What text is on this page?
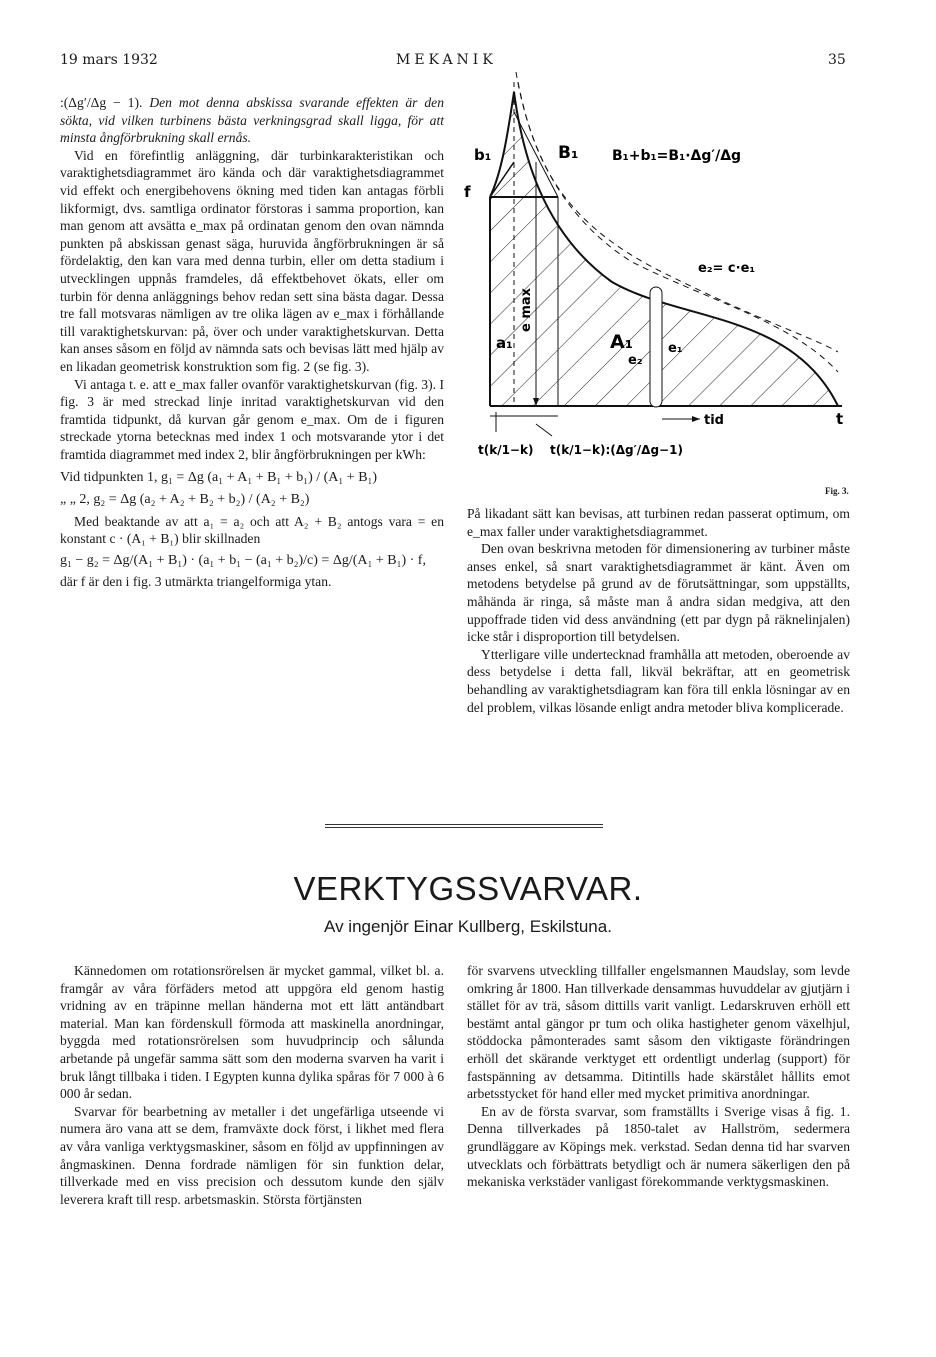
19 mars 1932	MEKANIK	35

:(Δg′/Δg − 1). Den mot denna abskissa svarande effekten är den sökta, vid vilken turbinens bästa verkningsgrad skall ligga, för att minsta ångförbrukning skall ernås.

Vid en förefintlig anläggning, där turbinkarakteristikan och varaktighetsdiagrammet äro kända och där varaktighetsdiagrammet vid effekt och energibehovens ökning med tiden kan antagas förbli likformigt, dvs. samtliga ordinator förstoras i samma proportion, kan man genom att avsätta e_max på ordinatan genom den ovan nämnda punkten på abskissan genast säga, huruvida ångförbrukningen är så fördelaktig, den kan vara med denna turbin, eller om detta stadium i utvecklingen uppnås framdeles, då effektbehovet ökats, eller om turbin för denna anläggnings behov redan sett sina bästa dagar. Dessa tre fall motsvaras nämligen av tre olika lägen av e_max i förhållande till varaktighetskurvan: på, över och under varaktighetskurvan. Detta kan anses såsom en följd av nämnda sats och bevisas lätt med hjälp av en likadan geometrisk konstruktion som fig. 2 (se fig. 3).

Vi antaga t. e. att e_max faller ovanför varaktighetskurvan (fig. 3). I fig. 3 är med streckad linje inritad varaktighetskurvan vid den framtida tidpunkt, då kurvan går genom e_max. Om de i figuren streckade ytorna betecknas med index 1 och motsvarande ytor i det framtida diagrammet med index 2, blir ångförbrukningen per kWh:

Vid tidpunkten 1, g₁ = Δg (a₁ + A₁ + B₁ + b₁) / (A₁ + B₁)

„ „ 2, g₂ = Δg (a₂ + A₂ + B₂ + b₂) / (A₂ + B₂)

Med beaktande av att a₁ = a₂ och att A₂ + B₂ antogs vara = en konstant c · (A₁ + B₁) blir skillnaden

g₁ − g₂ = Δg/(A₁ + B₁) · (a₁ + b₁ − (a₁ + b₂)/c) = Δg/(A₁ + B₁) · f,

där f är den i fig. 3 utmärkta triangelformiga ytan.

b₁	B₁ B₁+b₁=B₁·Δg′/Δg
f
e₂= c·e₁
e max
a₁	A₁
e₂
e₁
tid	t
t(k/1−k) t(k/1−k):(Δg′/Δg−1)
Fig. 3.

På likadant sätt kan bevisas, att turbinen redan passerat optimum, om e_max faller under varaktighetsdiagrammet.

Den ovan beskrivna metoden för dimensionering av turbiner måste anses enkel, så snart varaktighetsdiagrammet är känt. Även om metodens betydelse på grund av de förutsättningar, som uppställts, måhända är ringa, så måste man å andra sidan medgiva, att den uppoffrade tiden vid dess användning (ett par dygn på räknelinjalen) icke står i disproportion till betydelsen.

Ytterligare ville undertecknad framhålla att metoden, oberoende av dess betydelse i detta fall, likväl bekräftar, att en geometrisk behandling av varaktighetsdiagram kan föra till enkla lösningar av en del problem, vilkas lösande enligt andra metoder bliva komplicerade.

VERKTYGSSVARVAR.
Av ingenjör Einar Kullberg, Eskilstuna.

Kännedomen om rotationsrörelsen är mycket gammal, vilket bl. a. framgår av våra förfäders metod att uppgöra eld genom hastig vridning av en träpinne mellan händerna mot ett lätt antändbart material. Man kan fördenskull förmoda att maskinella anordningar, byggda med rotationsrörelsen som huvudprincip och sålunda arbetande på ungefär samma sätt som den moderna svarven ha varit i bruk långt tillbaka i tiden. I Egypten kunna dylika spåras för 7 000 à 6 000 år sedan.

Svarvar för bearbetning av metaller i det ungefärliga utseende vi numera äro vana att se dem, framväxte dock först, i likhet med flera av våra vanliga verktygsmaskiner, såsom en följd av uppfinningen av ångmaskinen. Denna fordrade nämligen för sin funktion delar, tillverkade med en viss precision och dessutom kunde den själv leverera kraft till resp. arbetsmaskin. Största förtjänsten

för svarvens utveckling tillfaller engelsmannen Maudslay, som levde omkring år 1800. Han tillverkade densammas huvuddelar av gjutjärn i stället för av trä, såsom dittills varit vanligt. Ledarskruven erhöll ett bestämt antal gängor pr tum och olika hastigheter genom växelhjul, stöddocka påmonterades samt såsom den viktigaste förändringen erhöll det skärande verktyget ett ordentligt underlag (support) för fastspänning av detsamma. Ditintills hade skärstålet hållits emot arbetsstycket för hand eller med mycket primitiva anordningar.

En av de första svarvar, som framställts i Sverige visas å fig. 1. Denna tillverkades på 1850-talet av Hallström, sedermera grundläggare av Köpings mek. verkstad. Sedan denna tid har svarven utvecklats och förbättrats betydligt och är numera säkerligen den på mekaniska verkstäder vanligast förekommande verktygsmaskinen.
